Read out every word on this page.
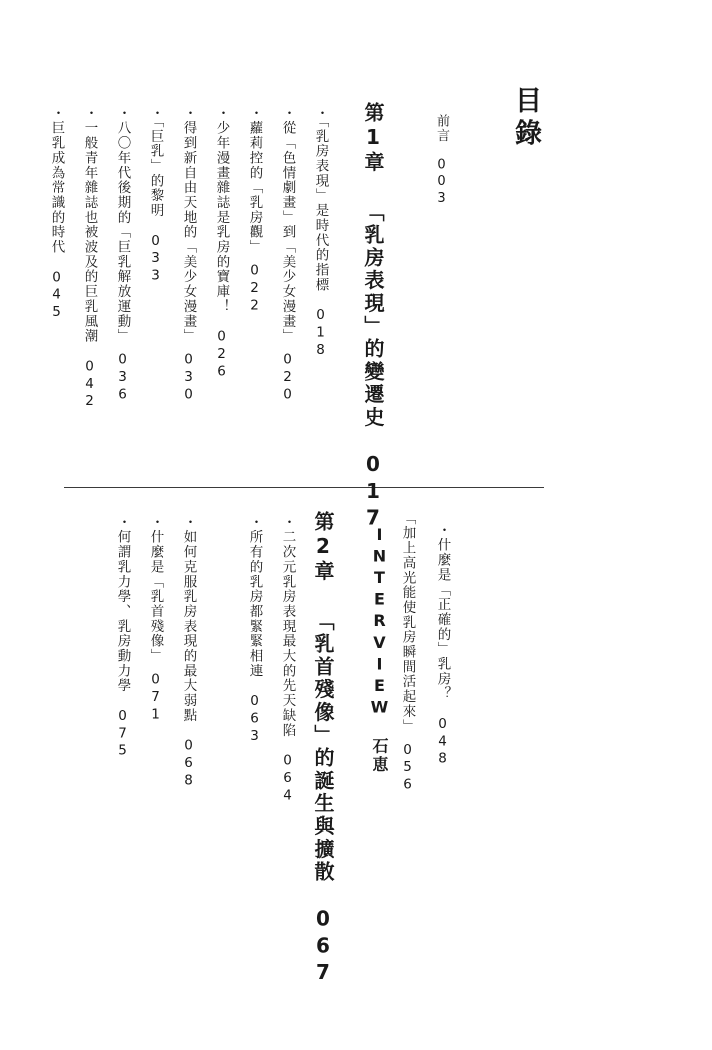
目錄
前言　003
第1章 「乳房表現」的變遷史　017
・「乳房表現」是時代的指標　018
・從「色情劇畫」到「美少女漫畫」　020
・蘿莉控的「乳房觀」　022
・少年漫畫雜誌是乳房的寶庫！　026
・得到新自由天地的「美少女漫畫」　030
・「巨乳」的黎明　033
・八〇年代後期的「巨乳解放運動」　036
・一般青年雜誌也被波及的巨乳風潮　042
・巨乳成為常識的時代　045
・什麼是「正確的」乳房？　048
「加上高光能使乳房瞬間活起來」　056
INTERVIEW　石恵
第2章 「乳首殘像」的誕生與擴散　067
・二次元乳房表現最大的先天缺陷　064
・所有的乳房都緊緊相連　063
・如何克服乳房表現的最大弱點　068
・什麼是「乳首殘像」　071
・何謂乳力學、乳房動力學　075
